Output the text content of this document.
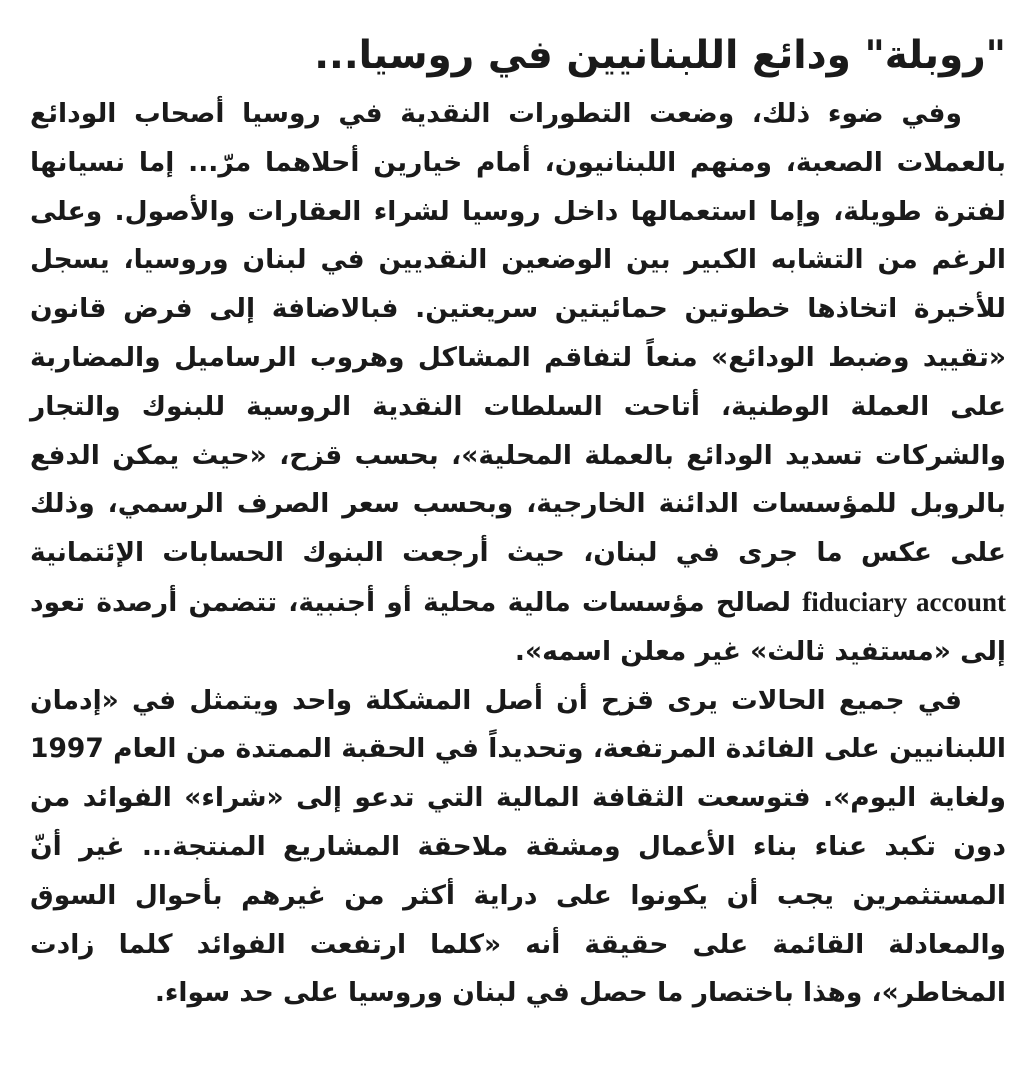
"روبلة" ودائع اللبنانيين في روسيا...

وفي ضوء ذلك، وضعت التطورات النقدية في روسيا أصحاب الودائع بالعملات الصعبة، ومنهم اللبنانيون، أمام خيارين أحلاهما مرّ... إما نسيانها لفترة طويلة، وإما استعمالها داخل روسيا لشراء العقارات والأصول. وعلى الرغم من التشابه الكبير بين الوضعين النقديين في لبنان وروسيا، يسجل للأخيرة اتخاذها خطوتين حمائيتين سريعتين. فبالاضافة إلى فرض قانون «تقييد وضبط الودائع» منعاً لتفاقم المشاكل وهروب الرساميل والمضاربة على العملة الوطنية، أتاحت السلطات النقدية الروسية للبنوك والتجار والشركات تسديد الودائع بالعملة المحلية»، بحسب قزح، «حيث يمكن الدفع بالروبل للمؤسسات الدائنة الخارجية، وبحسب سعر الصرف الرسمي، وذلك على عكس ما جرى في لبنان، حيث أرجعت البنوك الحسابات الإئتمانية fiduciary account لصالح مؤسسات مالية محلية أو أجنبية، تتضمن أرصدة تعود إلى «مستفيد ثالث» غير معلن اسمه».

في جميع الحالات يرى قزح أن أصل المشكلة واحد ويتمثل في «إدمان اللبنانيين على الفائدة المرتفعة، وتحديداً في الحقبة الممتدة من العام 1997 ولغاية اليوم». فتوسعت الثقافة المالية التي تدعو إلى «شراء» الفوائد من دون تكبد عناء بناء الأعمال ومشقة ملاحقة المشاريع المنتجة... غير أنّ المستثمرين يجب أن يكونوا على دراية أكثر من غيرهم بأحوال السوق والمعادلة القائمة على حقيقة أنه «كلما ارتفعت الفوائد كلما زادت المخاطر»، وهذا باختصار ما حصل في لبنان وروسيا على حد سواء.
